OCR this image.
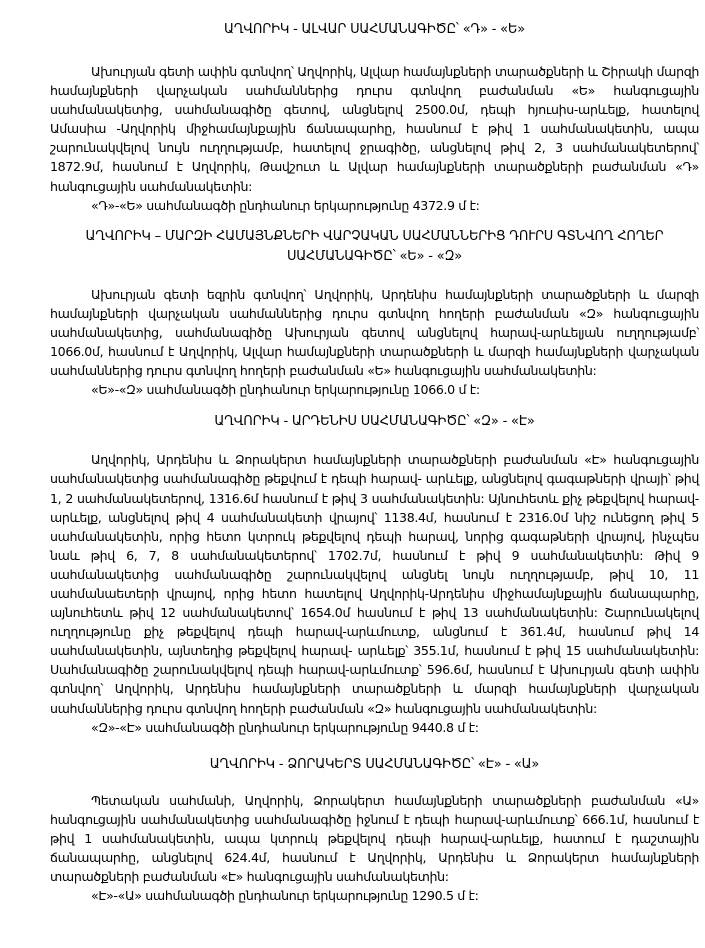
ԱՂՎՈՐԻԿ - ԱԼՎԱՐ ՍԱՀՄԱՆԱԳԻԾԸ՝ «Դ» - «Ե»

Ախուրյան գետի ափին գտնվող՝ Աղվորիկ, Ալվար համայնքների տարածքների և Շիրակի մարզի համայնքների վարչական սահմաններից դուրս գտնվող բաժանման «Ե» հանգուցային սահմանակետից, սահմանագիծը գետով, անցնելով 2500.0մ, դեպի հյուսիս-արևելք, հատելով Ամասիա -Աղվորիկ միջհամայնքային ճանապարհը, հասնում է թիվ 1 սահմանակետին, ապա շարունակվելով նույն ուղղությամբ, հատելով ջրագիծը, անցնելով թիվ 2, 3 սահմանակետերով՝ 1872.9մ, հասնում է Աղվորիկ, Թավշուտ և Ալվար համայնքների տարածքների բաժանման «Դ» հանգուցային սահմանակետին:

«Դ»-«Ե» սահմանագծի ընդհանուր երկարությունը 4372.9 մ է:

ԱՂՎՈՐԻԿ – ՄԱՐԶԻ ՀԱՄԱՅՆՔՆԵՐԻ ՎԱՐՉԱԿԱՆ ՍԱՀՄԱՆՆԵՐԻՑ ԴՈՒՐՍ ԳՏՆՎՈՂ ՀՈՂԵՐ ՍԱՀՄԱՆԱԳԻԾԸ՝ «Ե» - «Զ»

Ախուրյան գետի եզրին գտնվող՝ Աղվորիկ, Արդենիս համայնքների տարածքների և մարզի համայնքների վարչական սահմաններից դուրս գտնվող հողերի բաժանման «Զ» հանգուցային սահմանակետից, սահմանագիծը Ախուրյան գետով անցնելով հարավ-արևելյան ուղղությամբ՝ 1066.0մ, հասնում է Աղվորիկ, Ալվար համայնքների տարածքների և մարզի համայնքների վարչական սահմաններից դուրս գտնվող հողերի բաժանման «Ե» հանգուցային սահմանակետին:

«Ե»-«Զ» սահմանագծի ընդհանուր երկարությունը 1066.0 մ է:

ԱՂՎՈՐԻԿ - ԱՐԴԵՆԻՍ ՍԱՀՄԱՆԱԳԻԾԸ՝ «Զ» - «Է»

Աղվորիկ, Արդենիս և Ձորակերտ համայնքների տարածքների բաժանման «Է» հանգուցային սահմանակետից սահմանագիծը թեքվում է դեպի հարավ- արևելք, անցնելով գագաթների վրայի՝ թիվ 1, 2 սահմանակետերով, 1316.6մ հասնում է թիվ 3 սահմանակետին: Այնուհետև քիչ թեքվելով հարավ-արևելք, անցնելով թիվ 4 սահմանակետի վրայով՝ 1138.4մ, հասնում է 2316.0մ նիշ ունեցող թիվ 5 սահմանակետին, որից հետո կտրուկ թեքվելով դեպի հարավ, նորից գագաթների վրայով, ինչպես նաև թիվ 6, 7, 8 սահմանակետերով՝ 1702.7մ, հասնում է թիվ 9 սահմանակետին: Թիվ 9 սահմանակետից սահմանագիծը շարունակվելով անցնել նույն ուղղությամբ, թիվ 10, 11 սահմանաետերի վրայով, որից հետո հատելով Աղվորիկ-Արդենիս միջհամայնքային ճանապարհը, այնուհետև թիվ 12 սահմանակետով՝ 1654.0մ հասնում է թիվ 13 սահմանակետին: Շարունակելով ուղղությունը քիչ թեքվելով դեպի հարավ-արևմուտք, անցնում է 361.4մ, հասնում թիվ 14 սահմանակետին, այնտեղից թեքվելով հարավ- արևելք՝ 355.1մ, հասնում է թիվ 15 սահմանակետին: Սահմանագիծը շարունակվելով դեպի հարավ-արևմուտք՝ 596.6մ, հասնում է Ախուրյան գետի ափին գտնվող՝ Աղվորիկ, Արդենիս համայնքների տարածքների և մարզի համայնքների վարչական սահմաններից դուրս գտնվող հողերի բաժանման «Զ» հանգուցային սահմանակետին:

«Զ»-«Է» սահմանագծի ընդհանուր երկարությունը 9440.8 մ է:

ԱՂՎՈՐԻԿ - ՁՈՐԱԿԵՐՏ ՍԱՀՄԱՆԱԳԻԾԸ՝ «Է» - «Ա»

Պետական սահմանի, Աղվորիկ, Ձորակերտ համայնքների տարածքների բաժանման «Ա» հանգուցային սահմանակետից սահմանագիծը իջնում է դեպի հարավ-արևմուտք՝ 666.1մ, հասնում է թիվ 1 սահմանակետին, ապա կտրուկ թեքվելով դեպի հարավ-արևելք, հատում է դաշտային ճանապարհը, անցնելով 624.4մ, հասնում է Աղվորիկ, Արդենիս և Ձորակերտ համայնքների տարածքների բաժանման «Է» հանգուցային սահմանակետին:

«Է»-«Ա» սահմանագծի ընդհանուր երկարությունը 1290.5 մ է:
